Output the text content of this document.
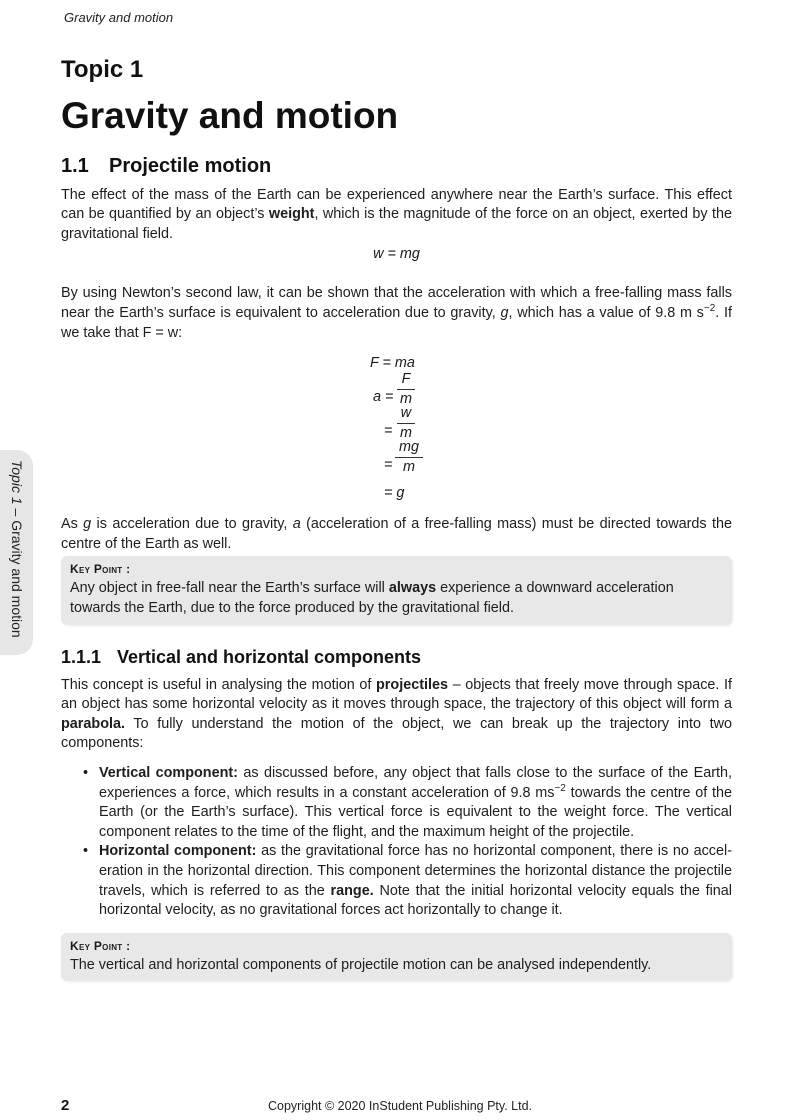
Gravity and motion
Topic 1 – Gravity and motion
Topic 1
Gravity and motion
1.1	Projectile motion

The effect of the mass of the Earth can be experienced anywhere near the Earth’s surface. This effect can be quantified by an object’s weight, which is the magnitude of the force on an object, exerted by the gravitational field.

w = mg

By using Newton’s second law, it can be shown that the acceleration with which a free-falling mass falls near the Earth’s surface is equivalent to acceleration due to gravity, g, which has a value of 9.8 m $s^{-2}$. If we take that F = w:

F = ma
a =
F
m
=
w
m
=
mg
m
= g

As g is acceleration due to gravity, a (acceleration of a free-falling mass) must be directed towards the centre of the Earth as well.

Key Point :

Any object in free-fall near the Earth’s surface will always experience a downward acceleration towards the Earth, due to the force produced by the gravitational field.

1.1.1 Vertical and horizontal components

This concept is useful in analysing the motion of projectiles – objects that freely move through space. If an object has some horizontal velocity as it moves through space, the trajectory of this object will form a parabola. To fully understand the motion of the object, we can break up the trajectory into two components:

• Vertical component: as discussed before, any object that falls close to the surface of the Earth, experiences a force, which results in a constant acceleration of 9.8 $ms^{-2}$ towards the centre of the Earth (or the Earth’s surface). This vertical force is equivalent to the weight force. The vertical component relates to the time of the flight, and the maximum height of the projectile.

• Horizontal component: as the gravitational force has no horizontal component, there is no acceleration in the horizontal direction. This component determines the horizontal distance the projectile travels, which is referred to as the range. Note that the initial horizontal velocity equals the final horizontal velocity, as no gravitational forces act horizontally to change it.

Key Point :

The vertical and horizontal components of projectile motion can be analysed independently.

2	Copyright © 2020 InStudent Publishing Pty. Ltd.
